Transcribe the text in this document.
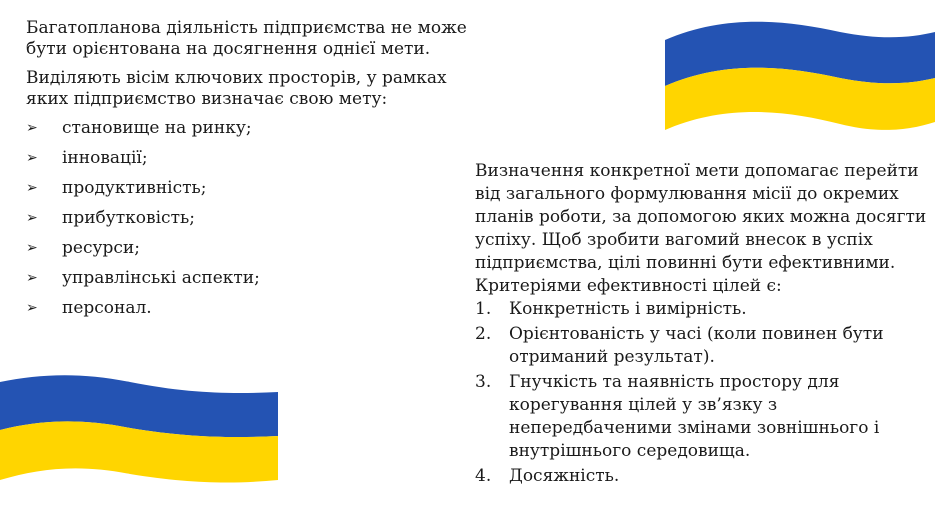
Багатопланова діяльність підприємства не може бути орієнтована на досягнення однієї мети.

Виділяють вісім ключових просторів, у рамках яких підприємство визначає свою мету:

➢	становище на ринку;
➢	інновації;
➢	продуктивність;
➢	прибутковість;
➢	ресурси;
➢	управлінські аспекти;
➢	персонал.

Визначення конкретної мети допомагає перейти від загального формулювання місії до окремих планів роботи, за допомогою яких можна досягти успіху. Щоб зробити вагомий внесок в успіх підприємства, цілі повинні бути ефективними.

Критеріями ефективності цілей є:

1.	Конкретність і вимірність.
2.	Орієнтованість у часі (коли повинен бути отриманий результат).
3.	Гнучкість та наявність простору для корегування цілей у зв’язку з непередбаченими змінами зовнішнього і внутрішнього середовища.
4.	Досяжність.
